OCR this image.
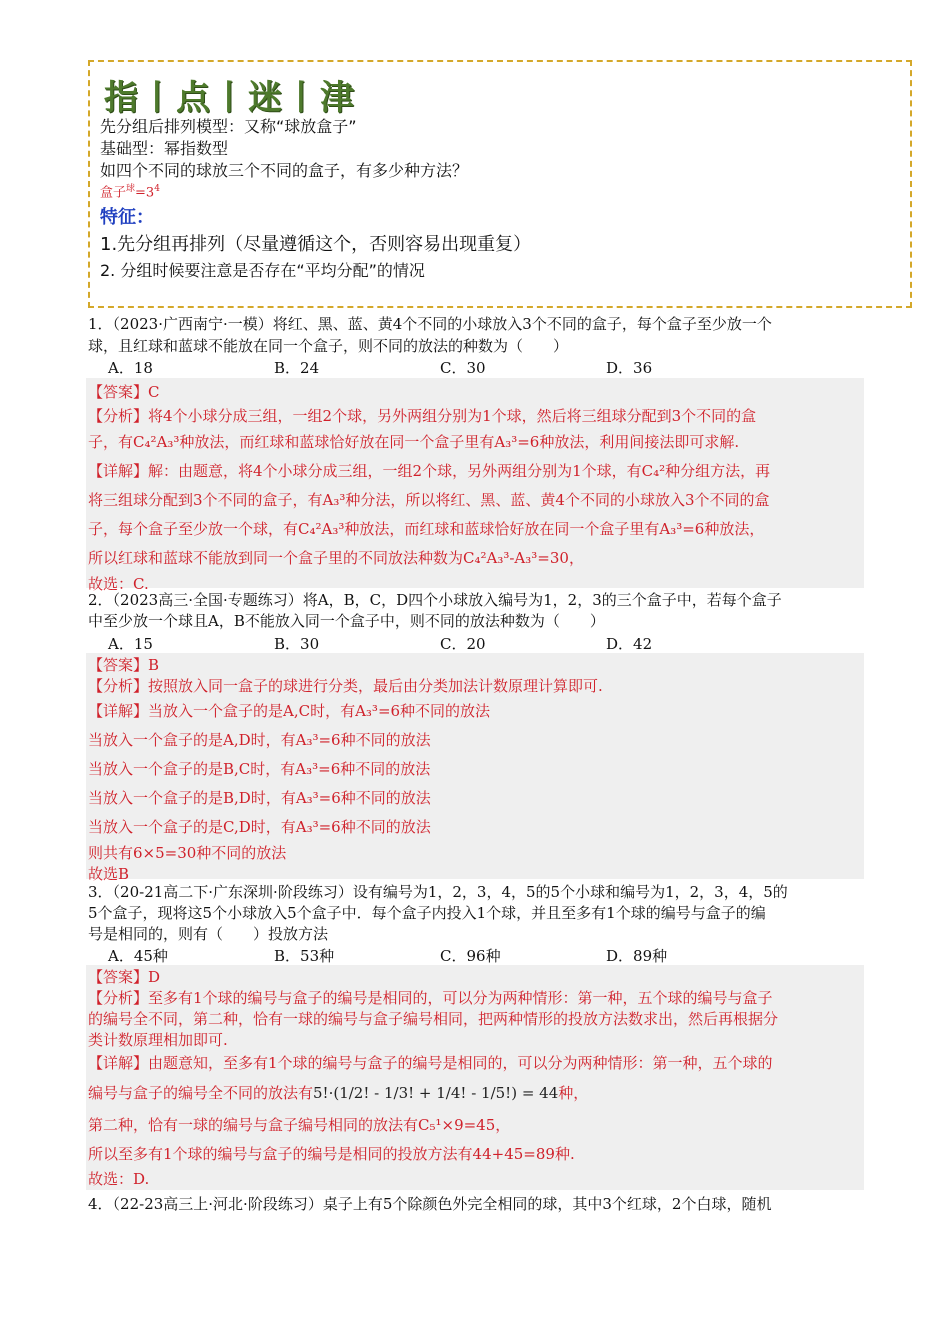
指丨点丨迷丨津
先分组后排列模型：又称“球放盒子”
基础型：幂指数型
如四个不同的球放三个不同的盒子，有多少种方法？
盒子$^球=3^4$
特征：
1.先分组再排列（尽量遵循这个，否则容易出现重复）
2. 分组时候要注意是否存在“平均分配”的情况
1．（2023·广西南宁·一模）将红、黑、蓝、黄4个不同的小球放入3个不同的盒子，每个盒子至少放一个
球，且红球和蓝球不能放在同一个盒子，则不同的放法的种数为（　　）
A．18	B．24	C．30	D．36

【答案】C

【分析】将4个小球分成三组，一组2个球，另外两组分别为1个球，然后将三组球分配到3个不同的盒

子，有C₄²A₃³种放法，而红球和蓝球恰好放在同一个盒子里有A₃³=6种放法，利用间接法即可求解.

【详解】解：由题意，将4个小球分成三组，一组2个球，另外两组分别为1个球，有C₄²种分组方法，再

将三组球分配到3个不同的盒子，有A₃³种分法，所以将红、黑、蓝、黄4个不同的小球放入3个不同的盒

子，每个盒子至少放一个球，有C₄²A₃³种放法，而红球和蓝球恰好放在同一个盒子里有A₃³=6种放法，

所以红球和蓝球不能放到同一个盒子里的不同放法种数为C₄²A₃³-A₃³=30，

故选：C.

2．（2023高三·全国·专题练习）将A，B，C，D四个小球放入编号为1，2，3的三个盒子中，若每个盒子
中至少放一个球且A，B不能放入同一个盒子中，则不同的放法种数为（　　）
A．15	B．30	C．20	D．42

【答案】B

【分析】按照放入同一盒子的球进行分类，最后由分类加法计数原理计算即可.

【详解】当放入一个盒子的是A,C时，有A₃³=6种不同的放法

当放入一个盒子的是A,D时，有A₃³=6种不同的放法

当放入一个盒子的是B,C时，有A₃³=6种不同的放法

当放入一个盒子的是B,D时，有A₃³=6种不同的放法

当放入一个盒子的是C,D时，有A₃³=6种不同的放法

则共有6×5=30种不同的放法

故选B

3．（20-21高二下·广东深圳·阶段练习）设有编号为1，2，3，4，5的5个小球和编号为1，2，3，4，5的
5个盒子，现将这5个小球放入5个盒子中．每个盒子内投入1个球，并且至多有1个球的编号与盒子的编
号是相同的，则有（　　）投放方法
A．45种	B．53种	C．96种	D．89种

【答案】D

【分析】至多有1个球的编号与盒子的编号是相同的，可以分为两种情形：第一种，五个球的编号与盒子

的编号全不同，第二种，恰有一球的编号与盒子编号相同，把两种情形的投放方法数求出，然后再根据分

类计数原理相加即可.

【详解】由题意知，至多有1个球的编号与盒子的编号是相同的，可以分为两种情形：第一种，五个球的

编号与盒子的编号全不同的放法有5!·(1/2! - 1/3! + 1/4! - 1/5!) = 44种，

第二种，恰有一球的编号与盒子编号相同的放法有C₅¹×9=45，

所以至多有1个球的编号与盒子的编号是相同的投放方法有44+45=89种.

故选：D.

4．（22-23高三上·河北·阶段练习）桌子上有5个除颜色外完全相同的球，其中3个红球，2个白球，随机
